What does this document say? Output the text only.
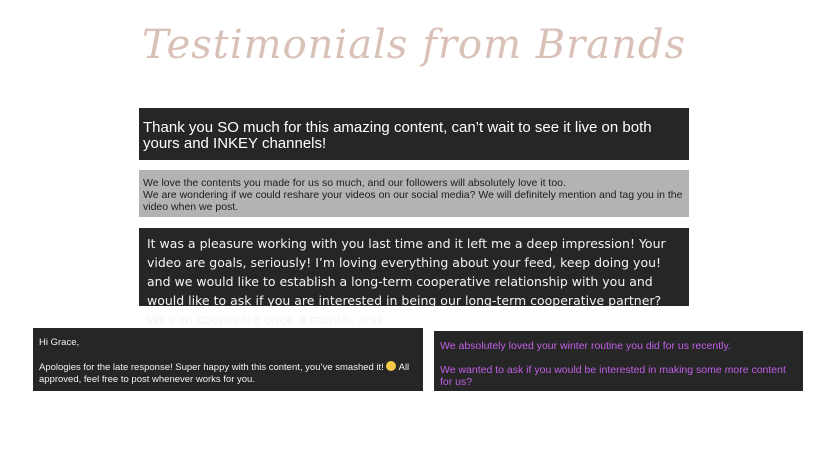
Testimonials from Brands
Thank you SO much for this amazing content, can’t wait to see it live on both yours and INKEY channels!
We love the contents you made for us so much, and our followers will absolutely love it too.
We are wondering if we could reshare your videos on our social media? We will definitely mention and tag you in the video when we post.
It was a pleasure working with you last time and it left me a deep impression! Your video are goals, seriously! I’m loving everything about your feed, keep doing you! and we would like to establish a long-term cooperative relationship with you and would like to ask if you are interested in being our long-term cooperative partner? We can cooperate once a month, and

Hi Grace,

Apologies for the late response! Super happy with this content, you’ve smashed it! All approved, feel free to post whenever works for you.

We absolutely loved your winter routine you did for us recently.

We wanted to ask if you would be interested in making some more content for us?
